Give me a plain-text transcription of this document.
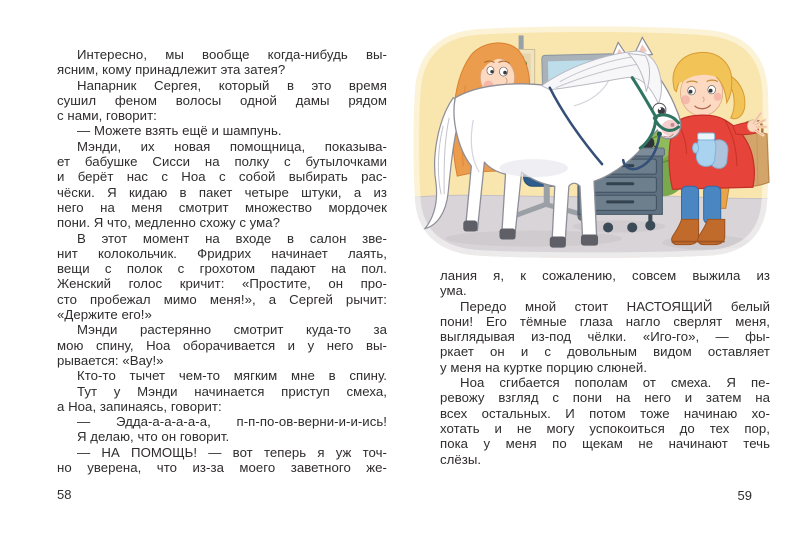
Интересно, мы вообще когда-нибудь вы-
ясним, кому принадлежит эта затея?
Напарник Сергея, который в это время
сушил феном волосы одной дамы рядом
с нами, говорит:
— Можете взять ещё и шампунь.
Мэнди, их новая помощница, показыва-
ет бабушке Сисси на полку с бутылочками
и берёт нас с Ноа с собой выбирать рас-
чёски. Я кидаю в пакет четыре штуки, а из
него на меня смотрит множество мордочек
пони. Я что, медленно схожу с ума?
В этот момент на входе в салон зве-
нит колокольчик. Фридрих начинает лаять,
вещи с полок с грохотом падают на пол.
Женский голос кричит: «Простите, он про-
сто пробежал мимо меня!», а Сергей рычит:
«Держите его!»
Мэнди растерянно смотрит куда-то за
мою спину, Ноа оборачивается и у него вы-
рывается: «Вау!»
Кто-то тычет чем-то мягким мне в спину.
Тут у Мэнди начинается приступ смеха,
а Ноа, запинаясь, говорит:
— Эдда-а-а-а-а-а, п-п-по-ов-верни-и-и-ись!
Я делаю, что он говорит.
— НА ПОМОЩЬ! — вот теперь я уж точ-
но уверена, что из-за моего заветного же-
лания я, к сожалению, совсем выжила из
ума.
Передо мной стоит НАСТОЯЩИЙ белый
пони! Его тёмные глаза нагло сверлят меня,
выглядывая из-под чёлки. «Иго-го», — фы-
ркает он и с довольным видом оставляет
у меня на куртке порцию слюней.
Ноа сгибается пополам от смеха. Я пе-
ревожу взгляд с пони на него и затем на
всех остальных. И потом тоже начинаю хо-
хотать и не могу успокоиться до тех пор,
пока у меня по щекам не начинают течь
слёзы.
58	59
